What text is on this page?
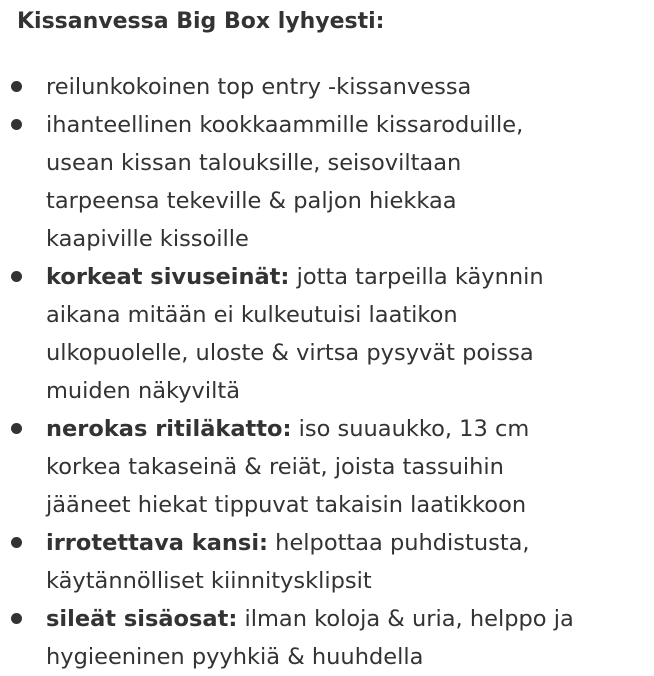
Kissanvessa Big Box lyhyesti:
reilunkokoinen top entry -kissanvessa
ihanteellinen kookkaammille kissaroduille,
usean kissan talouksille, seisoviltaan
tarpeensa tekeville & paljon hiekkaa
kaapiville kissoille
korkeat sivuseinät: jotta tarpeilla käynnin
aikana mitään ei kulkeutuisi laatikon
ulkopuolelle, uloste & virtsa pysyvät poissa
muiden näkyviltä
nerokas ritiläkatto: iso suuaukko, 13 cm
korkea takaseinä & reiät, joista tassuihin
jääneet hiekat tippuvat takaisin laatikkoon
irrotettava kansi: helpottaa puhdistusta,
käytännölliset kiinnitysklipsit
sileät sisäosat: ilman koloja & uria, helppo ja
hygieeninen pyyhkiä & huuhdella
